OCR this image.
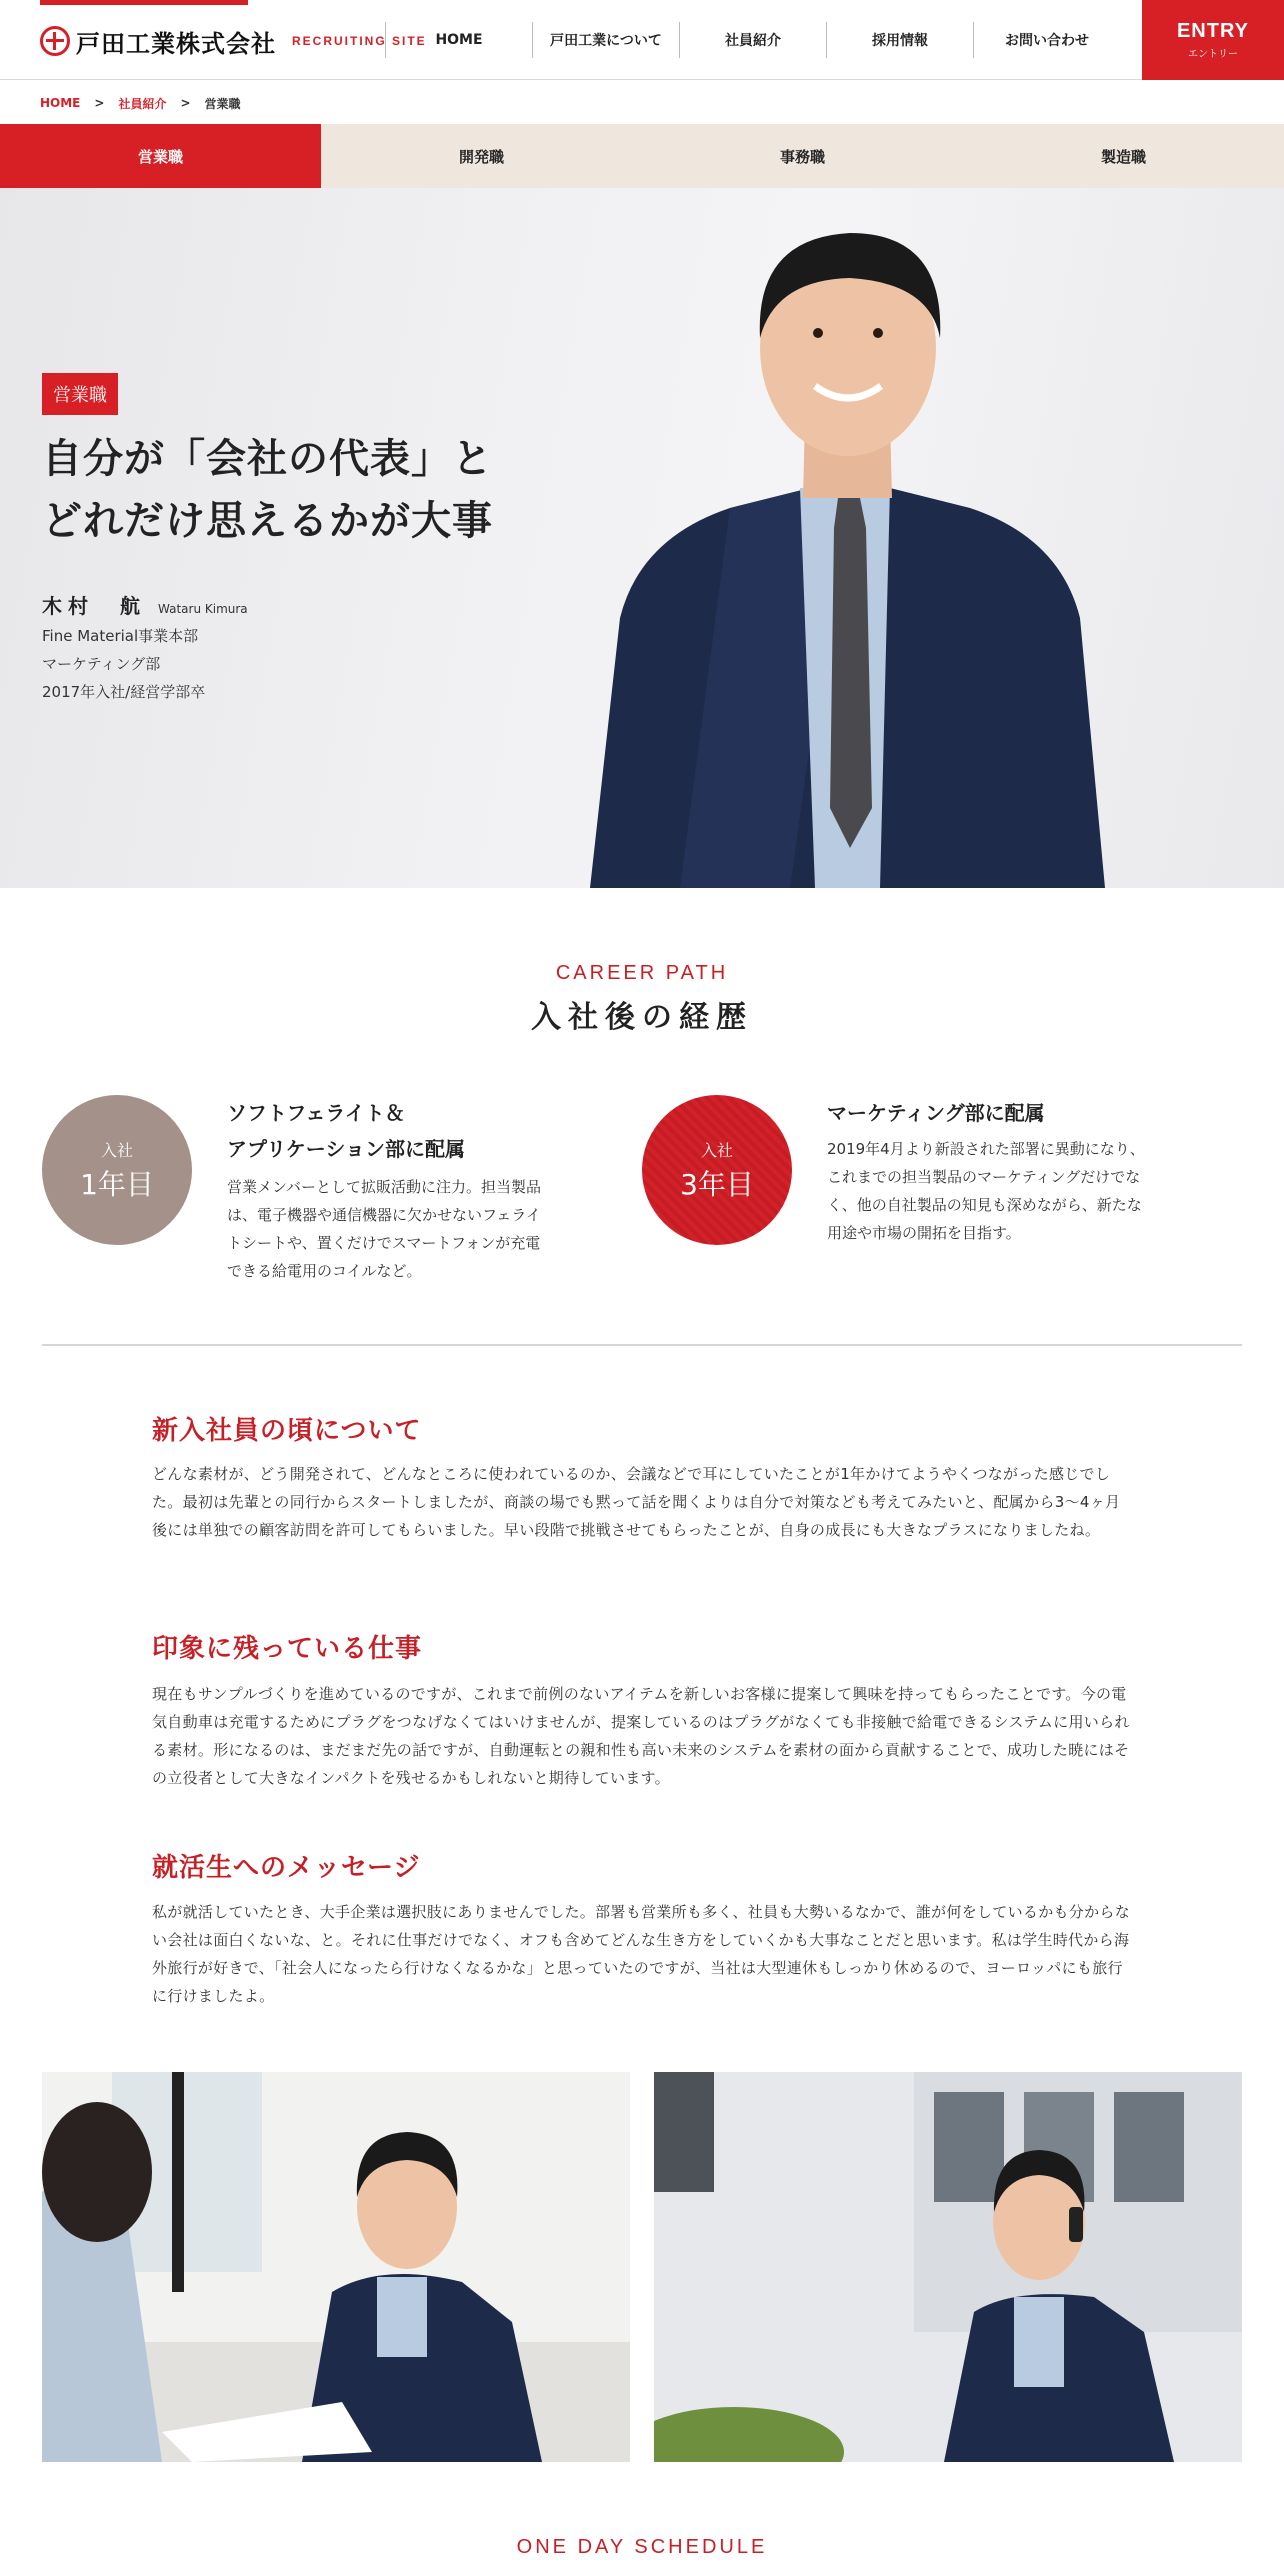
戸田工業株式会社 RECRUITING SITE HOME	戸田工業について	社員紹介	採用情報	お問い合わせ	ENTRY
エントリー
HOME > 社員紹介 > 営業職
営業職	開発職	事務職	製造職
営業職
自分が「会社の代表」と
どれだけ思えるかが大事
木村　航 Wataru Kimura
Fine Material事業本部
マーケティング部
2017年入社/経営学部卒
CAREER PATH
入社後の経歴
入社
1年目
ソフトフェライト＆
アプリケーション部に配属

営業メンバーとして拡販活動に注力。担当製品は、電子機器や通信機器に欠かせないフェライトシートや、置くだけでスマートフォンが充電できる給電用のコイルなど。

入社
3年目
マーケティング部に配属

2019年4月より新設された部署に異動になり、これまでの担当製品のマーケティングだけでなく、他の自社製品の知見も深めながら、新たな用途や市場の開拓を目指す。

新入社員の頃について

どんな素材が、どう開発されて、どんなところに使われているのか、会議などで耳にしていたことが1年かけてようやくつながった感じでした。最初は先輩との同行からスタートしましたが、商談の場でも黙って話を聞くよりは自分で対策なども考えてみたいと、配属から3～4ヶ月後には単独での顧客訪問を許可してもらいました。早い段階で挑戦させてもらったことが、自身の成長にも大きなプラスになりましたね。

印象に残っている仕事

現在もサンプルづくりを進めているのですが、これまで前例のないアイテムを新しいお客様に提案して興味を持ってもらったことです。今の電気自動車は充電するためにプラグをつなげなくてはいけませんが、提案しているのはプラグがなくても非接触で給電できるシステムに用いられる素材。形になるのは、まだまだ先の話ですが、自動運転との親和性も高い未来のシステムを素材の面から貢献することで、成功した暁にはその立役者として大きなインパクトを残せるかもしれないと期待しています。

就活生へのメッセージ

私が就活していたとき、大手企業は選択肢にありませんでした。部署も営業所も多く、社員も大勢いるなかで、誰が何をしているかも分からない会社は面白くないな、と。それに仕事だけでなく、オフも含めてどんな生き方をしていくかも大事なことだと思います。私は学生時代から海外旅行が好きで、「社会人になったら行けなくなるかな」と思っていたのですが、当社は大型連休もしっかり休めるので、ヨーロッパにも旅行に行けましたよ。

ONE DAY SCHEDULE
